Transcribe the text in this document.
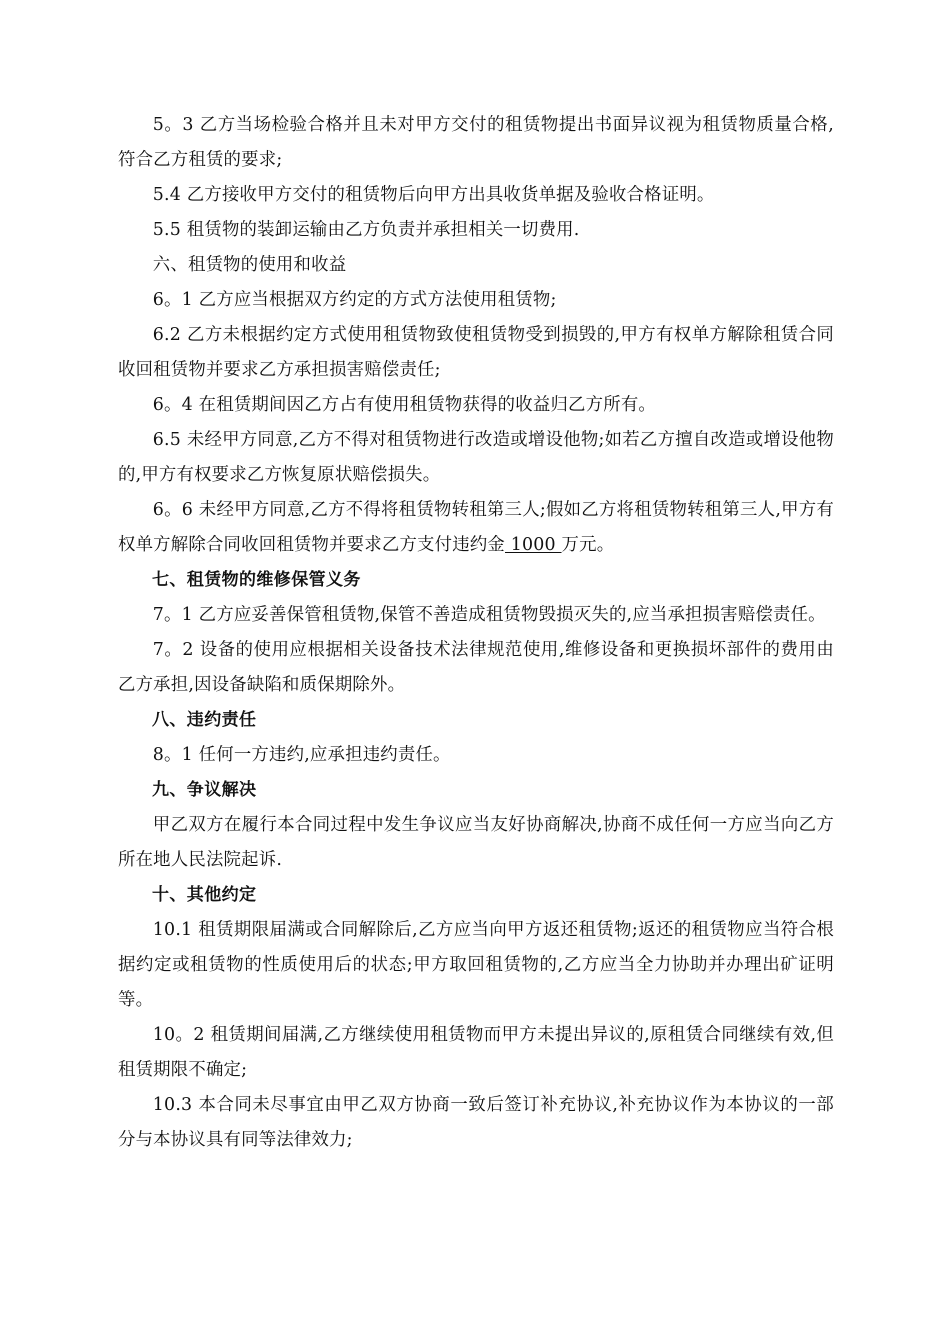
5。3 乙方当场检验合格并且未对甲方交付的租赁物提出书面异议视为租赁物质量合格,符合乙方租赁的要求;

5.4 乙方接收甲方交付的租赁物后向甲方出具收货单据及验收合格证明。

5.5 租赁物的装卸运输由乙方负责并承担相关一切费用.

六、租赁物的使用和收益

6。1 乙方应当根据双方约定的方式方法使用租赁物;

6.2 乙方未根据约定方式使用租赁物致使租赁物受到损毁的,甲方有权单方解除租赁合同收回租赁物并要求乙方承担损害赔偿责任;

6。4 在租赁期间因乙方占有使用租赁物获得的收益归乙方所有。

6.5 未经甲方同意,乙方不得对租赁物进行改造或增设他物;如若乙方擅自改造或增设他物的,甲方有权要求乙方恢复原状赔偿损失。

6。6 未经甲方同意,乙方不得将租赁物转租第三人;假如乙方将租赁物转租第三人,甲方有权单方解除合同收回租赁物并要求乙方支付违约金 1000 万元。

七、租赁物的维修保管义务

7。1 乙方应妥善保管租赁物,保管不善造成租赁物毁损灭失的,应当承担损害赔偿责任。

7。2 设备的使用应根据相关设备技术法律规范使用,维修设备和更换损坏部件的费用由乙方承担,因设备缺陷和质保期除外。

八、违约责任

8。1 任何一方违约,应承担违约责任。

九、争议解决

甲乙双方在履行本合同过程中发生争议应当友好协商解决,协商不成任何一方应当向乙方所在地人民法院起诉.

十、其他约定

10.1 租赁期限届满或合同解除后,乙方应当向甲方返还租赁物;返还的租赁物应当符合根据约定或租赁物的性质使用后的状态;甲方取回租赁物的,乙方应当全力协助并办理出矿证明等。

10。2 租赁期间届满,乙方继续使用租赁物而甲方未提出异议的,原租赁合同继续有效,但租赁期限不确定;

10.3 本合同未尽事宜由甲乙双方协商一致后签订补充协议,补充协议作为本协议的一部分与本协议具有同等法律效力;
